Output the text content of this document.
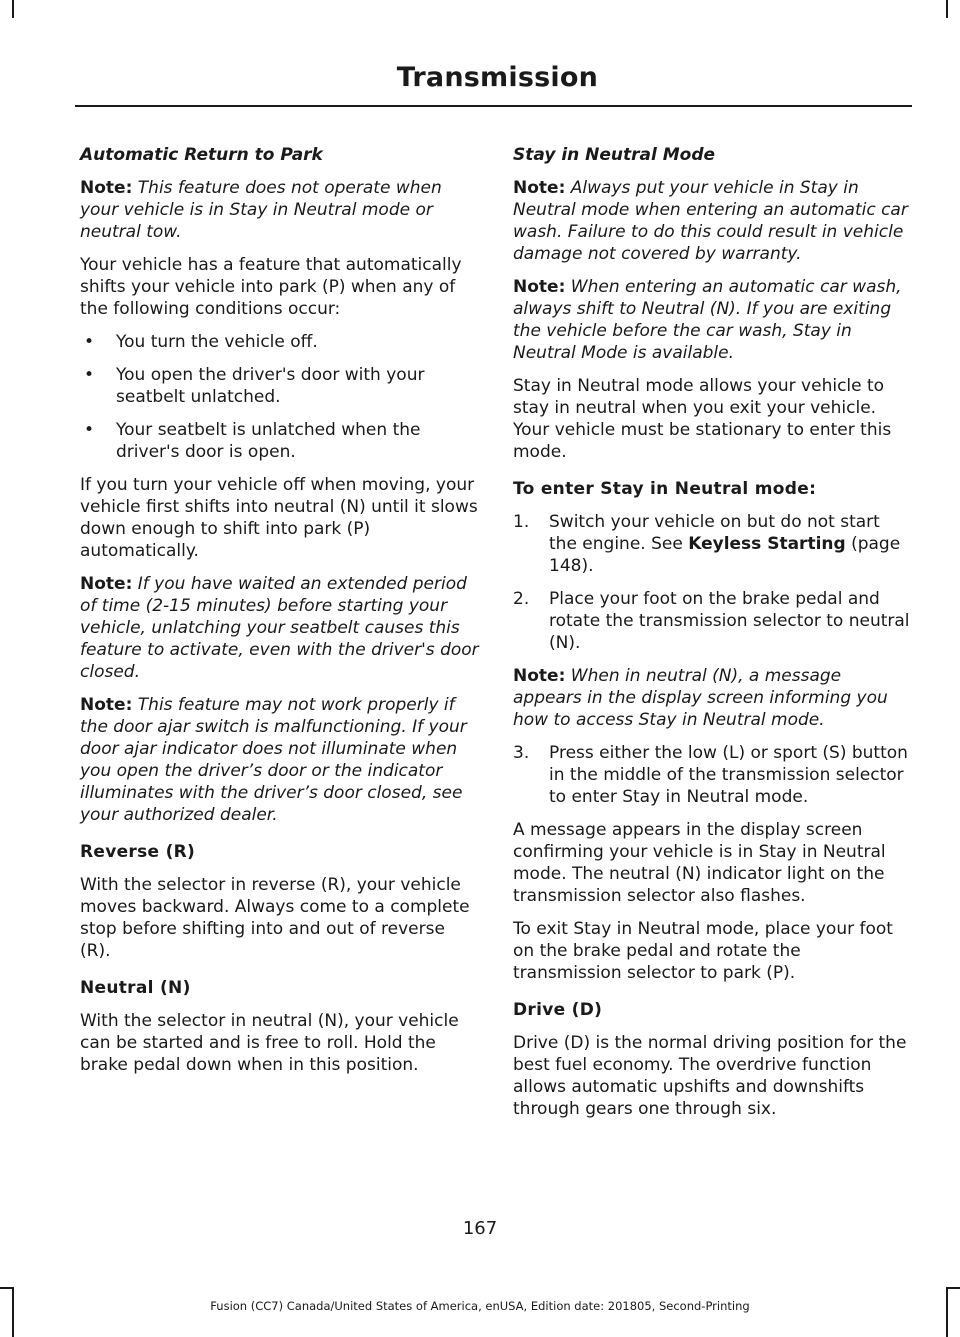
Transmission

Automatic Return to Park

Note: This feature does not operate when your vehicle is in Stay in Neutral mode or neutral tow.

Your vehicle has a feature that automatically shifts your vehicle into park (P) when any of the following conditions occur:

• You turn the vehicle off.
• You open the driver's door with your seatbelt unlatched.
• Your seatbelt is unlatched when the driver's door is open.

If you turn your vehicle off when moving, your vehicle first shifts into neutral (N) until it slows down enough to shift into park (P) automatically.

Note: If you have waited an extended period of time (2-15 minutes) before starting your vehicle, unlatching your seatbelt causes this feature to activate, even with the driver's door closed.

Note: This feature may not work properly if the door ajar switch is malfunctioning. If your door ajar indicator does not illuminate when you open the driver’s door or the indicator illuminates with the driver’s door closed, see your authorized dealer.

Reverse (R)

With the selector in reverse (R), your vehicle moves backward. Always come to a complete stop before shifting into and out of reverse (R).

Neutral (N)

With the selector in neutral (N), your vehicle can be started and is free to roll. Hold the brake pedal down when in this position.

Stay in Neutral Mode

Note: Always put your vehicle in Stay in Neutral mode when entering an automatic car wash. Failure to do this could result in vehicle damage not covered by warranty.

Note: When entering an automatic car wash, always shift to Neutral (N). If you are exiting the vehicle before the car wash, Stay in Neutral Mode is available.

Stay in Neutral mode allows your vehicle to stay in neutral when you exit your vehicle. Your vehicle must be stationary to enter this mode.

To enter Stay in Neutral mode:

1. Switch your vehicle on but do not start the engine. See Keyless Starting (page 148).
2. Place your foot on the brake pedal and rotate the transmission selector to neutral (N).

Note: When in neutral (N), a message appears in the display screen informing you how to access Stay in Neutral mode.

3. Press either the low (L) or sport (S) button in the middle of the transmission selector to enter Stay in Neutral mode.

A message appears in the display screen confirming your vehicle is in Stay in Neutral mode. The neutral (N) indicator light on the transmission selector also flashes.

To exit Stay in Neutral mode, place your foot on the brake pedal and rotate the transmission selector to park (P).

Drive (D)

Drive (D) is the normal driving position for the best fuel economy. The overdrive function allows automatic upshifts and downshifts through gears one through six.

167
Fusion (CC7) Canada/United States of America, enUSA, Edition date: 201805, Second-Printing
